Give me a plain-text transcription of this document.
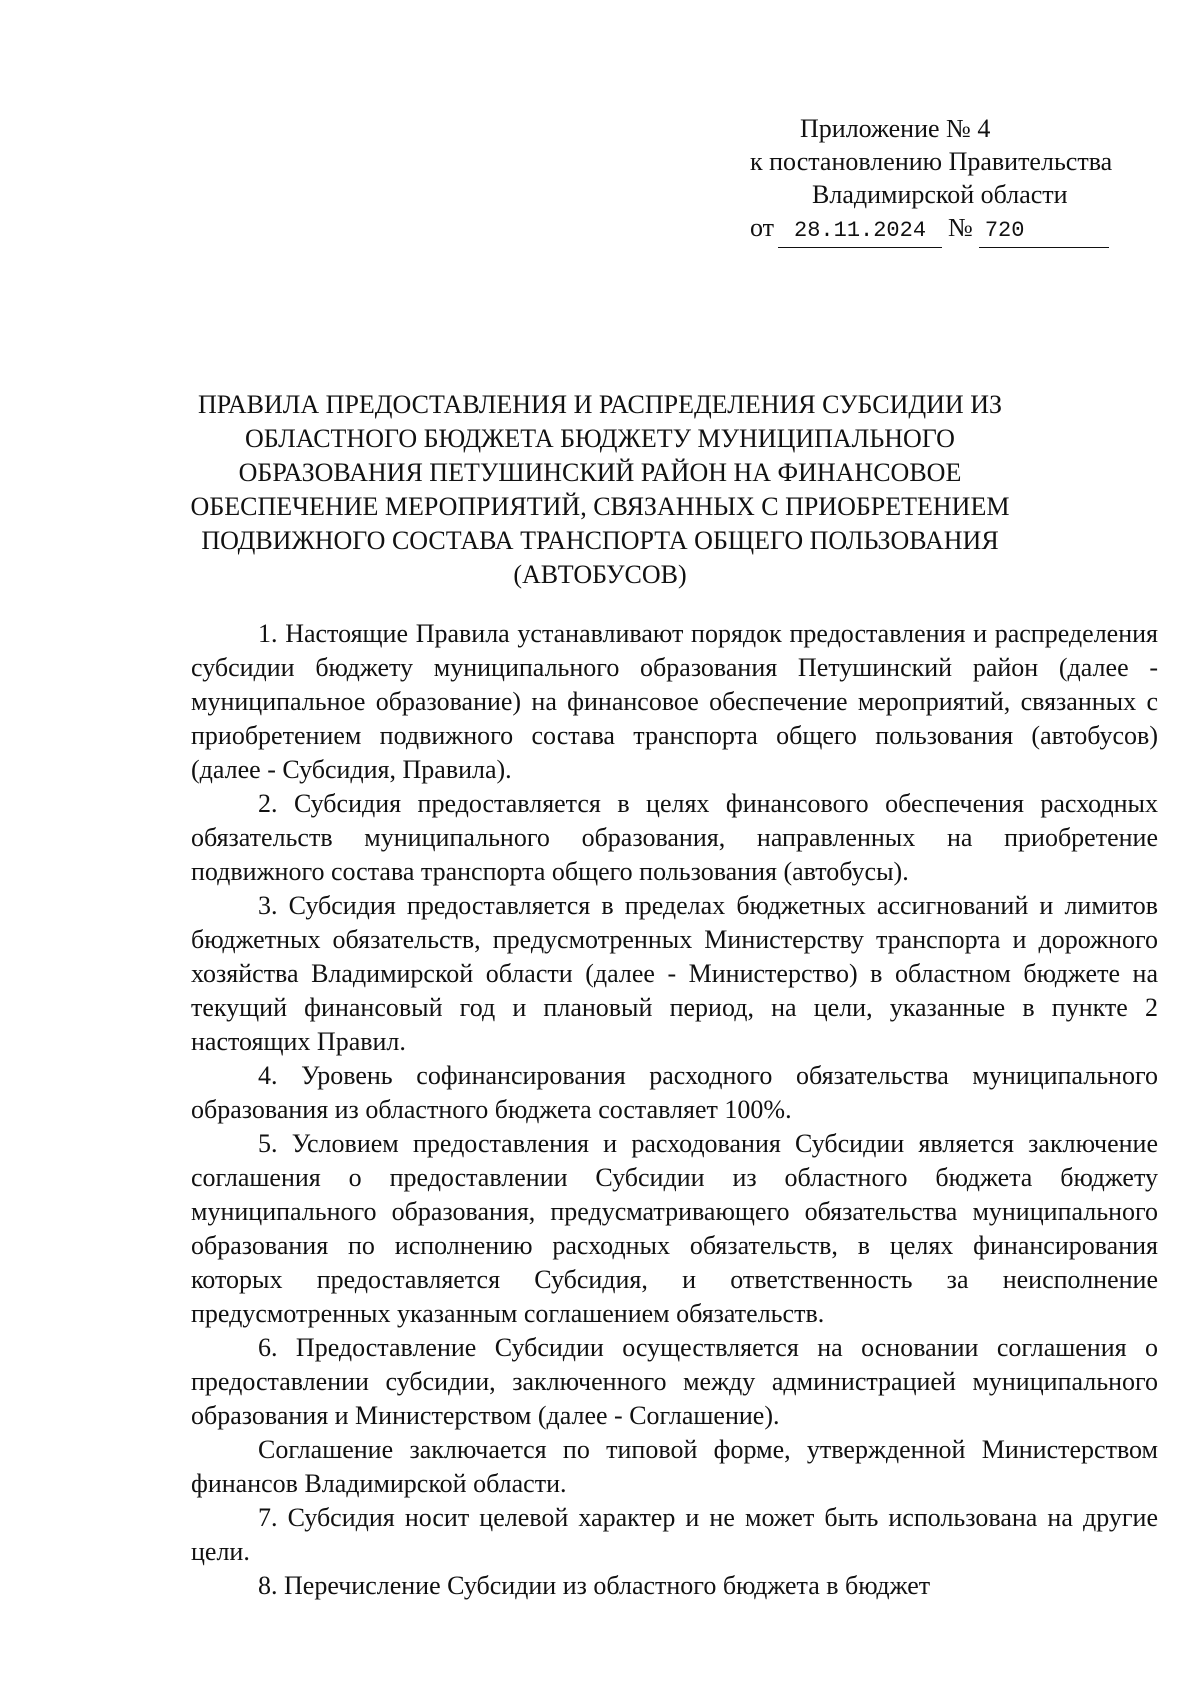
Приложение № 4
к постановлению Правительства
Владимирской области
от 28.11.2024 № 720
ПРАВИЛА ПРЕДОСТАВЛЕНИЯ И РАСПРЕДЕЛЕНИЯ СУБСИДИИ ИЗ
ОБЛАСТНОГО БЮДЖЕТА БЮДЖЕТУ МУНИЦИПАЛЬНОГО
ОБРАЗОВАНИЯ ПЕТУШИНСКИЙ РАЙОН НА ФИНАНСОВОЕ
ОБЕСПЕЧЕНИЕ МЕРОПРИЯТИЙ, СВЯЗАННЫХ С ПРИОБРЕТЕНИЕМ
ПОДВИЖНОГО СОСТАВА ТРАНСПОРТА ОБЩЕГО ПОЛЬЗОВАНИЯ
(АВТОБУСОВ)

1. Настоящие Правила устанавливают порядок предоставления и распределения субсидии бюджету муниципального образования Петушинский район (далее - муниципальное образование) на финансовое обеспечение мероприятий, связанных с приобретением подвижного состава транспорта общего пользования (автобусов) (далее - Субсидия, Правила).

2. Субсидия предоставляется в целях финансового обеспечения расходных обязательств муниципального образования, направленных на приобретение подвижного состава транспорта общего пользования (автобусы).

3. Субсидия предоставляется в пределах бюджетных ассигнований и лимитов бюджетных обязательств, предусмотренных Министерству транспорта и дорожного хозяйства Владимирской области (далее - Министерство) в областном бюджете на текущий финансовый год и плановый период, на цели, указанные в пункте 2 настоящих Правил.

4. Уровень софинансирования расходного обязательства муниципального образования из областного бюджета составляет 100%.

5. Условием предоставления и расходования Субсидии является заключение соглашения о предоставлении Субсидии из областного бюджета бюджету муниципального образования, предусматривающего обязательства муниципального образования по исполнению расходных обязательств, в целях финансирования которых предоставляется Субсидия, и ответственность за неисполнение предусмотренных указанным соглашением обязательств.

6. Предоставление Субсидии осуществляется на основании соглашения о предоставлении субсидии, заключенного между администрацией муниципального образования и Министерством (далее - Соглашение).

Соглашение заключается по типовой форме, утвержденной Министерством финансов Владимирской области.

7. Субсидия носит целевой характер и не может быть использована на другие цели.

8. Перечисление Субсидии из областного бюджета в бюджет
